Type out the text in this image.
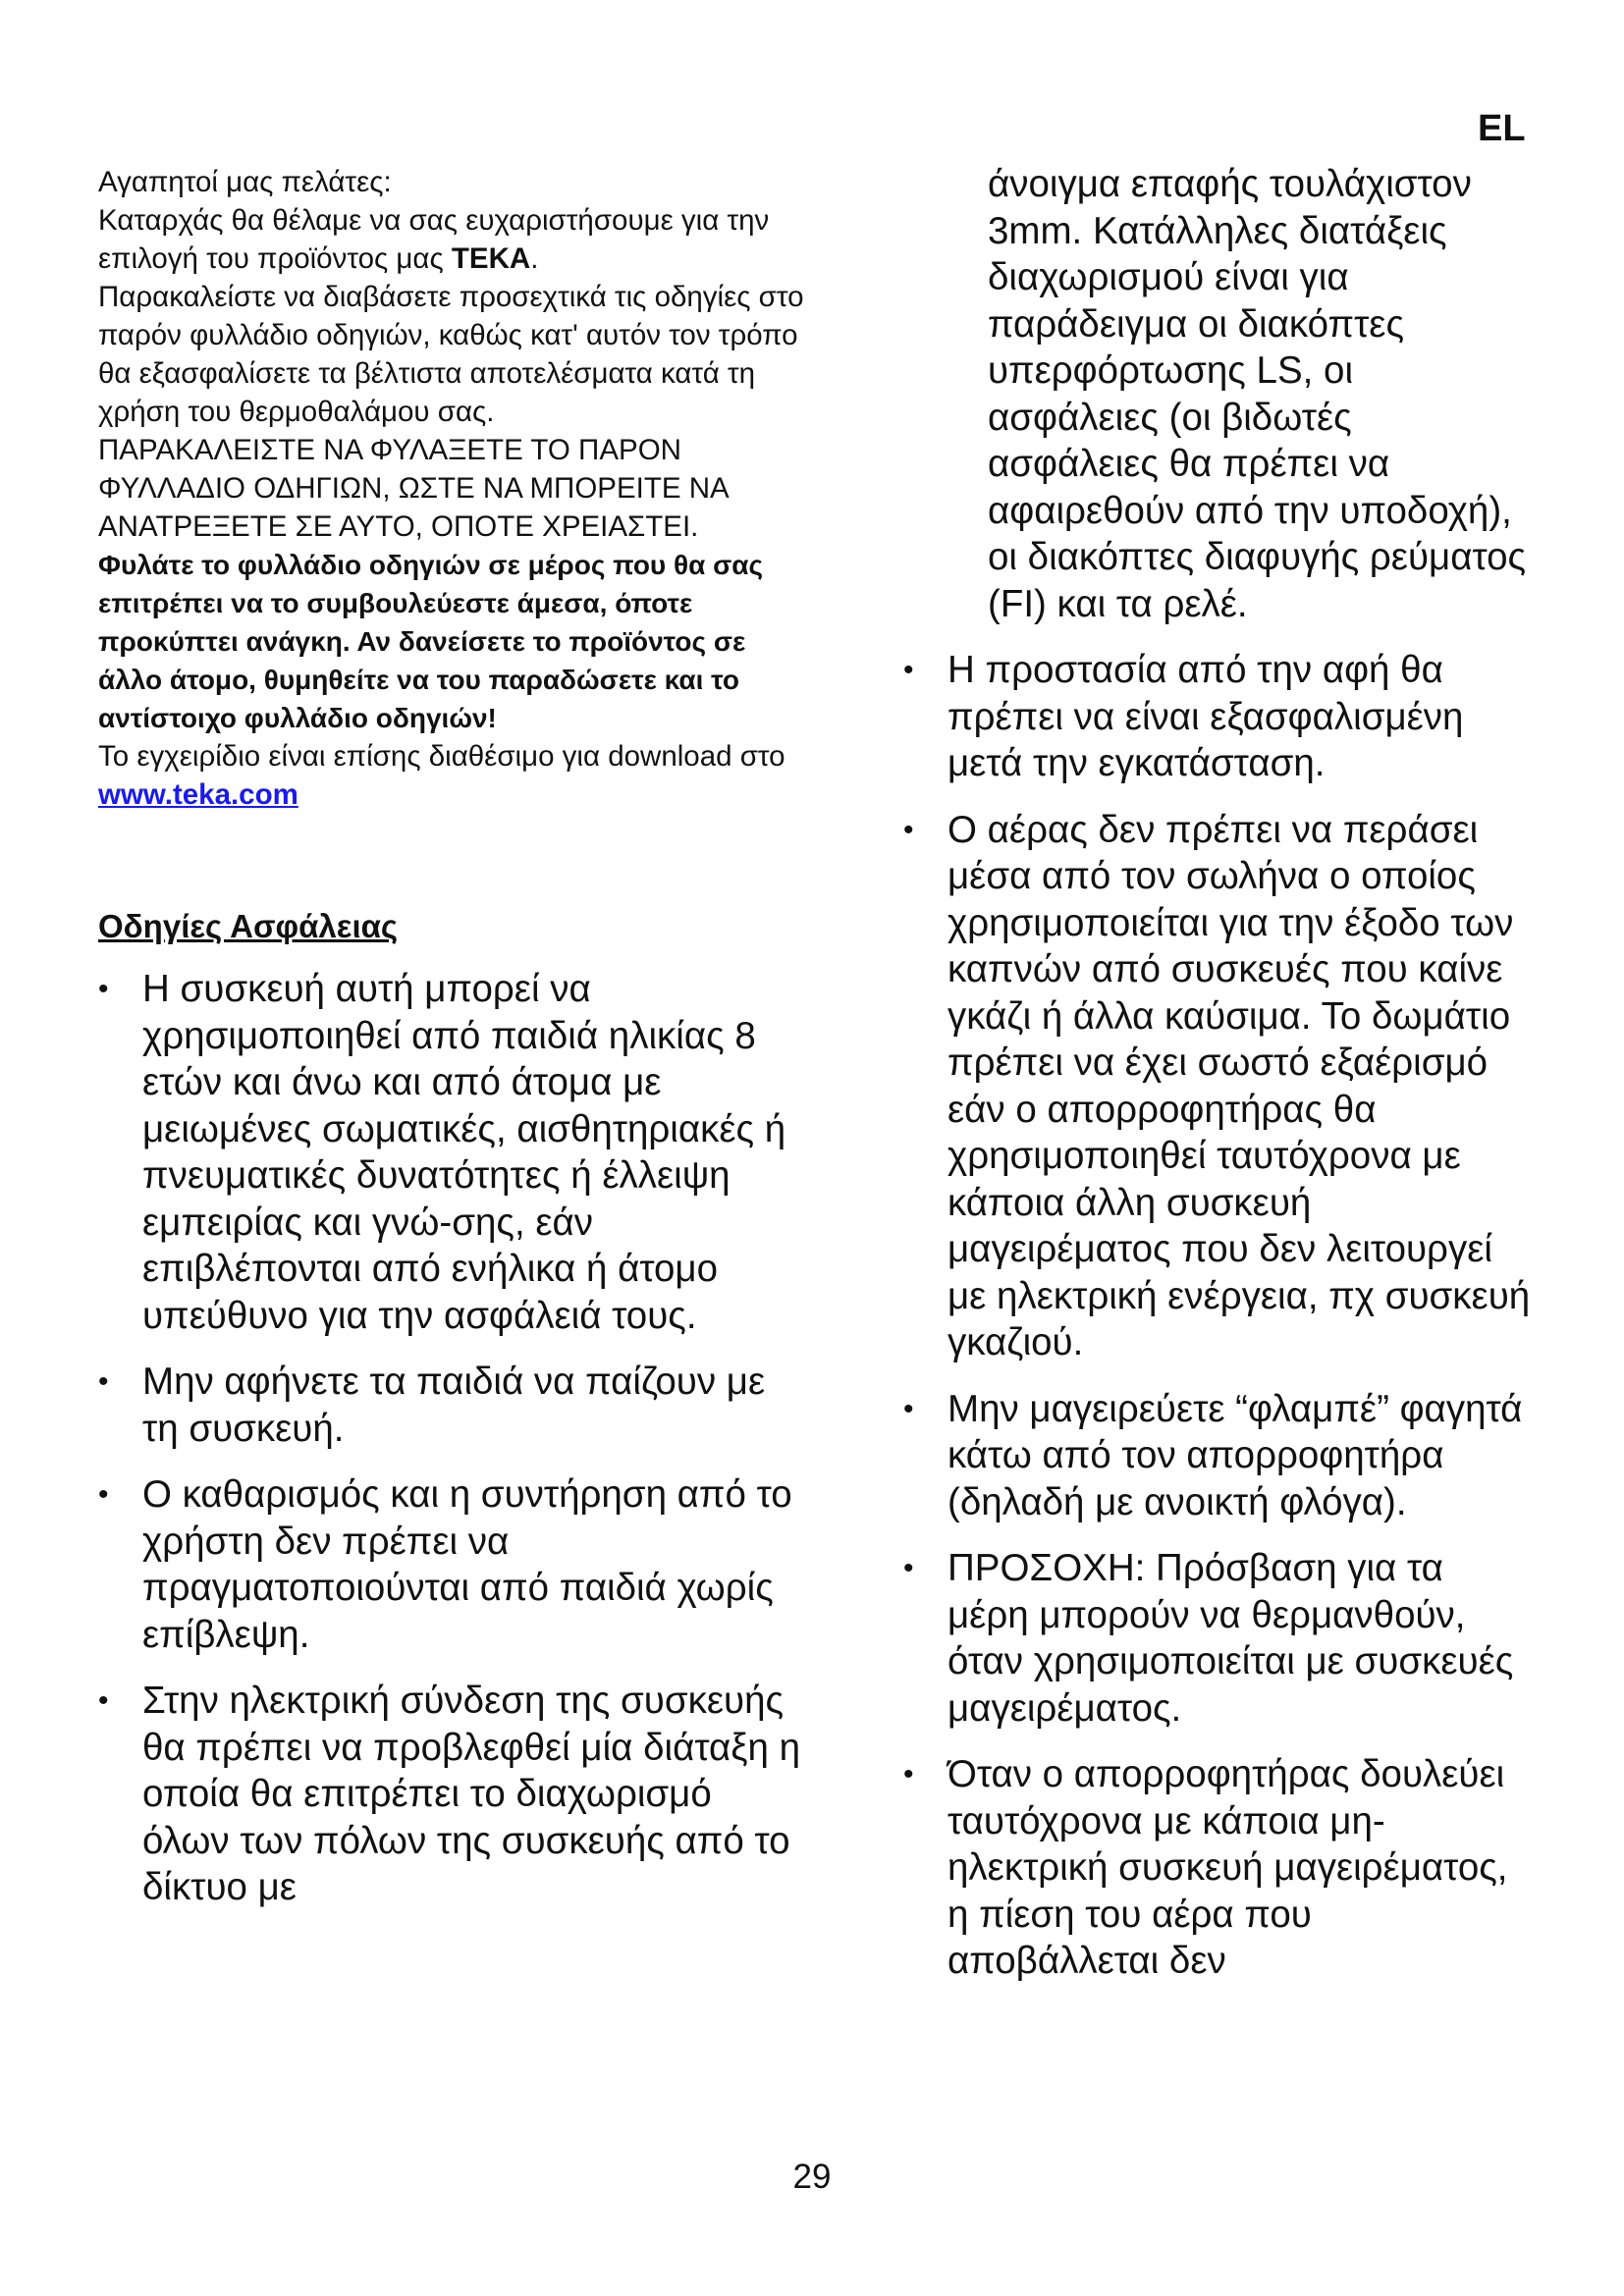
EL

Αγαπητοί μας πελάτες:

Καταρχάς θα θέλαμε να σας ευχαριστήσουμε για την επιλογή του προϊόντος μας TEKA.

Παρακαλείστε να διαβάσετε προσεχτικά τις οδηγίες στο παρόν φυλλάδιο οδηγιών, καθώς κατ' αυτόν τον τρόπο θα εξασφαλίσετε τα βέλτιστα αποτελέσματα κατά τη χρήση του θερμοθαλάμου σας.

ΠΑΡΑΚΑΛΕΙΣΤΕ ΝΑ ΦΥΛΑΞΕΤΕ ΤΟ ΠΑΡΟΝ ΦΥΛΛΑΔΙΟ ΟΔΗΓΙΩΝ, ΩΣΤΕ ΝΑ ΜΠΟΡΕΙΤΕ ΝΑ ΑΝΑΤΡΕΞΕΤΕ ΣΕ ΑΥΤΟ, ΟΠΟΤΕ ΧΡΕΙΑΣΤΕΙ.

Φυλάτε το φυλλάδιο οδηγιών σε μέρος που θα σας επιτρέπει να το συμβουλεύεστε άμεσα, όποτε προκύπτει ανάγκη. Αν δανείσετε το προϊόντος σε άλλο άτομο, θυμηθείτε να του παραδώσετε και το αντίστοιχο φυλλάδιο οδηγιών!

Το εγχειρίδιο είναι επίσης διαθέσιμο για download στο www.teka.com

Οδηγίες Ασφάλειας
• Η συσκευή αυτή μπορεί να χρησιμοποιηθεί από παιδιά ηλικίας 8 ετών και άνω και από άτομα με μειωμένες σωματικές, αισθητηριακές ή πνευματικές δυνατότητες ή έλλειψη εμπειρίας και γνώ-σης, εάν επιβλέπονται από ενήλικα ή άτομο υπεύθυνο για την ασφάλειά τους.
• Μην αφήνετε τα παιδιά να παίζουν με τη συσκευή.
• Ο καθαρισμός και η συντήρηση από το χρήστη δεν πρέπει να πραγματοποιούνται από παιδιά χωρίς επίβλεψη.
• Στην ηλεκτρική σύνδεση της συσκευής θα πρέπει να προβλεφθεί μία διάταξη η οποία θα επιτρέπει το διαχωρισμό όλων των πόλων της συσκευής από το δίκτυο με
άνοιγμα επαφής τουλάχιστον 3mm. Κατάλληλες διατάξεις διαχωρισμού είναι για παράδειγμα οι διακόπτες υπερφόρτωσης LS, οι ασφάλειες (οι βιδωτές ασφάλειες θα πρέπει να αφαιρεθούν από την υποδοχή), οι διακόπτες διαφυγής ρεύματος (FI) και τα ρελέ.
• Η προστασία από την αφή θα πρέπει να είναι εξασφαλισμένη μετά την εγκατάσταση.
• Ο αέρας δεν πρέπει να περάσει μέσα από τον σωλήνα ο οποίος χρησιμοποιείται για την έξοδο των καπνών από συσκευές που καίνε γκάζι ή άλλα καύσιμα. Το δωμάτιο πρέπει να έχει σωστό εξαέρισμό εάν ο απορροφητήρας θα χρησιμοποιηθεί ταυτόχρονα με κάποια άλλη συσκευή μαγειρέματος που δεν λειτουργεί με ηλεκτρική ενέργεια, πχ συσκευή γκαζιού.
• Μην μαγειρεύετε “φλαμπέ” φαγητά κάτω από τον απορροφητήρα (δηλαδή με ανοικτή φλόγα).
• ΠΡΟΣΟΧΗ: Πρόσβαση για τα μέρη μπορούν να θερμανθούν, όταν χρησιμοποιείται με συσκευές μαγειρέματος.
• Όταν ο απορροφητήρας δουλεύει ταυτόχρονα με κάποια μη-ηλεκτρική συσκευή μαγειρέματος, η πίεση του αέρα που αποβάλλεται δεν
29
